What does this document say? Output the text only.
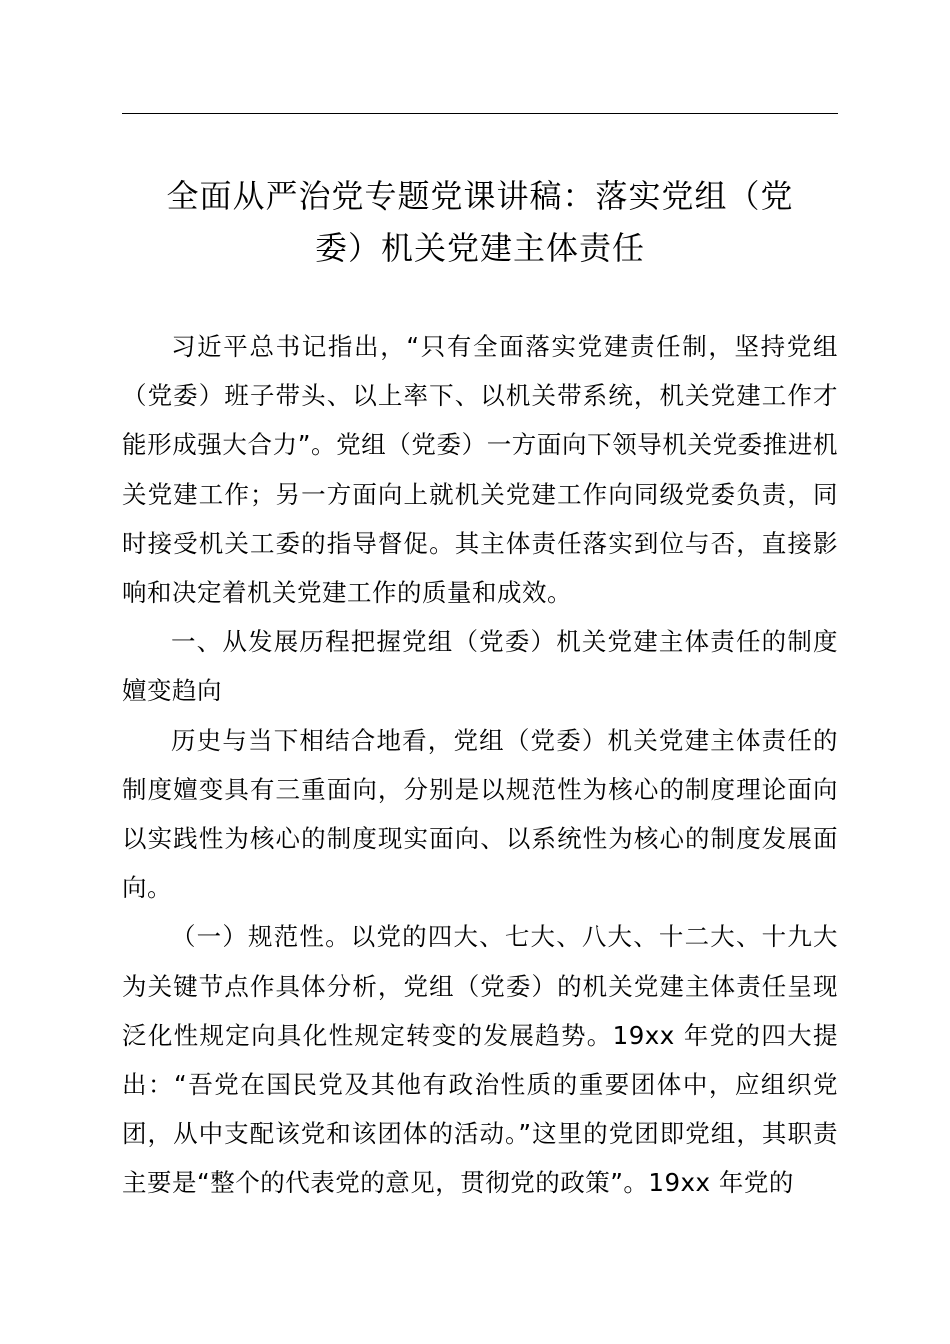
全面从严治党专题党课讲稿：落实党组（党
委）机关党建主体责任

习近平总书记指出，“只有全面落实党建责任制，坚持党组（党委）班子带头、以上率下、以机关带系统，机关党建工作才能形成强大合力”。党组（党委）一方面向下领导机关党委推进机关党建工作；另一方面向上就机关党建工作向同级党委负责，同时接受机关工委的指导督促。其主体责任落实到位与否，直接影响和决定着机关党建工作的质量和成效。

一、从发展历程把握党组（党委）机关党建主体责任的制度嬗变趋向

历史与当下相结合地看，党组（党委）机关党建主体责任的制度嬗变具有三重面向，分别是以规范性为核心的制度理论面向以实践性为核心的制度现实面向、以系统性为核心的制度发展面向。

（一）规范性。以党的四大、七大、八大、十二大、十九大为关键节点作具体分析，党组（党委）的机关党建主体责任呈现泛化性规定向具化性规定转变的发展趋势。19xx 年党的四大提出：“吾党在国民党及其他有政治性质的重要团体中，应组织党团，从中支配该党和该团体的活动。”这里的党团即党组，其职责主要是“整个的代表党的意见，贯彻党的政策”。19xx 年党的
